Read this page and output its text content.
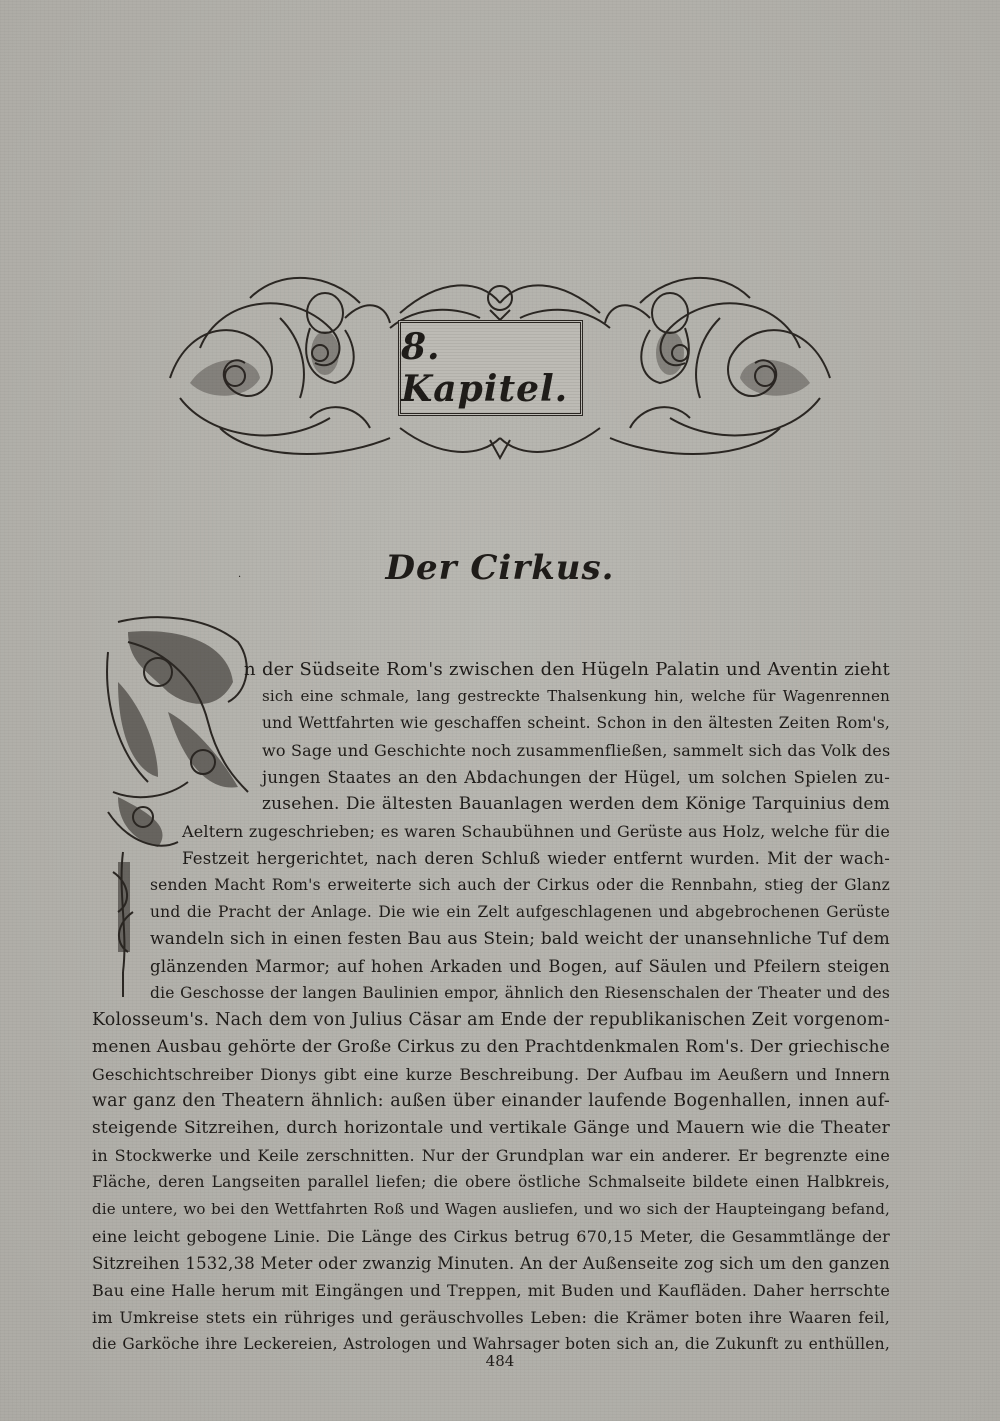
8. Kapitel.
Der Cirkus.
·
n der Südseite Rom's zwischen den Hügeln Palatin und Aventin zieht
sich eine schmale, lang gestreckte Thalsenkung hin, welche für Wagenrennen
und Wettfahrten wie geschaffen scheint. Schon in den ältesten Zeiten Rom's,
wo Sage und Geschichte noch zusammenfließen, sammelt sich das Volk des
jungen Staates an den Abdachungen der Hügel, um solchen Spielen zu-
zusehen. Die ältesten Bauanlagen werden dem Könige Tarquinius dem
Aeltern zugeschrieben; es waren Schaubühnen und Gerüste aus Holz, welche für die
Festzeit hergerichtet, nach deren Schluß wieder entfernt wurden. Mit der wach-
senden Macht Rom's erweiterte sich auch der Cirkus oder die Rennbahn, stieg der Glanz
und die Pracht der Anlage. Die wie ein Zelt aufgeschlagenen und abgebrochenen Gerüste
wandeln sich in einen festen Bau aus Stein; bald weicht der unansehnliche Tuf dem
glänzenden Marmor; auf hohen Arkaden und Bogen, auf Säulen und Pfeilern steigen
die Geschosse der langen Baulinien empor, ähnlich den Riesenschalen der Theater und des
Kolosseum's. Nach dem von Julius Cäsar am Ende der republikanischen Zeit vorgenom-
menen Ausbau gehörte der Große Cirkus zu den Prachtdenkmalen Rom's. Der griechische
Geschichtschreiber Dionys gibt eine kurze Beschreibung. Der Aufbau im Aeußern und Innern
war ganz den Theatern ähnlich: außen über einander laufende Bogenhallen, innen auf-
steigende Sitzreihen, durch horizontale und vertikale Gänge und Mauern wie die Theater
in Stockwerke und Keile zerschnitten. Nur der Grundplan war ein anderer. Er begrenzte eine
Fläche, deren Langseiten parallel liefen; die obere östliche Schmalseite bildete einen Halbkreis,
die untere, wo bei den Wettfahrten Roß und Wagen ausliefen, und wo sich der Haupteingang befand,
eine leicht gebogene Linie. Die Länge des Cirkus betrug 670,15 Meter, die Gesammtlänge der
Sitzreihen 1532,38 Meter oder zwanzig Minuten. An der Außenseite zog sich um den ganzen
Bau eine Halle herum mit Eingängen und Treppen, mit Buden und Kaufläden. Daher herrschte
im Umkreise stets ein rühriges und geräuschvolles Leben: die Krämer boten ihre Waaren feil,
die Garköche ihre Leckereien, Astrologen und Wahrsager boten sich an, die Zukunft zu enthüllen,
484
